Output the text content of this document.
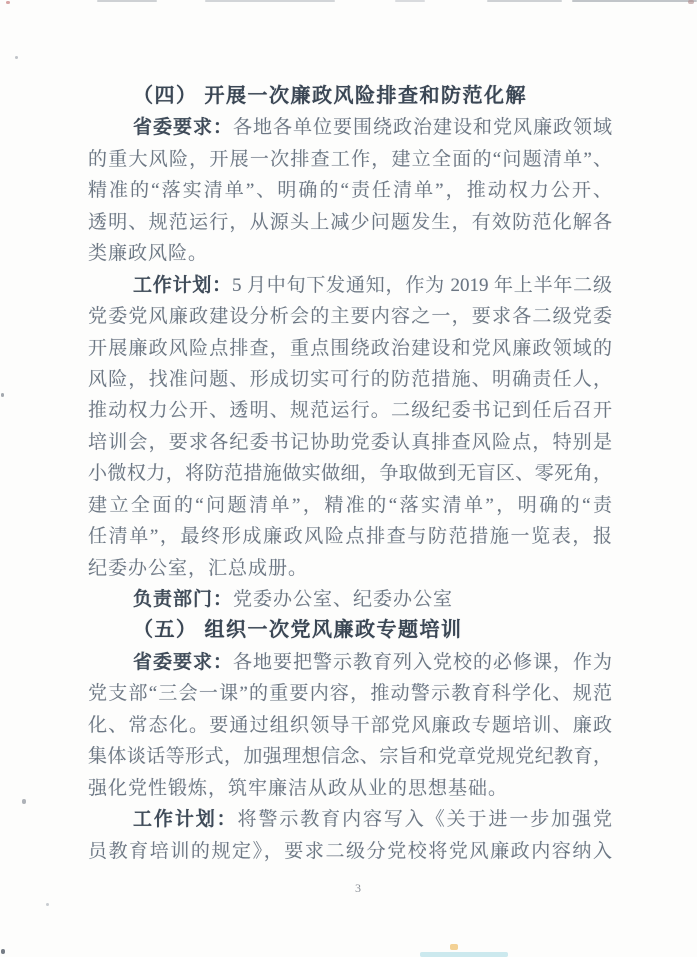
（四） 开展一次廉政风险排查和防范化解
省委要求：各地各单位要围绕政治建设和党风廉政领域
的重大风险，开展一次排查工作，建立全面的“问题清单”、
精准的“落实清单”、明确的“责任清单”，推动权力公开、
透明、规范运行，从源头上减少问题发生，有效防范化解各
类廉政风险。
工作计划：5 月中旬下发通知，作为 2019 年上半年二级
党委党风廉政建设分析会的主要内容之一，要求各二级党委
开展廉政风险点排查，重点围绕政治建设和党风廉政领域的
风险，找准问题、形成切实可行的防范措施、明确责任人，
推动权力公开、透明、规范运行。二级纪委书记到任后召开
培训会，要求各纪委书记协助党委认真排查风险点，特别是
小微权力，将防范措施做实做细，争取做到无盲区、零死角，
建立全面的“问题清单”，精准的“落实清单”，明确的“责
任清单”，最终形成廉政风险点排查与防范措施一览表，报
纪委办公室，汇总成册。
负责部门：党委办公室、纪委办公室
（五） 组织一次党风廉政专题培训
省委要求：各地要把警示教育列入党校的必修课，作为
党支部“三会一课”的重要内容，推动警示教育科学化、规范
化、常态化。要通过组织领导干部党风廉政专题培训、廉政
集体谈话等形式，加强理想信念、宗旨和党章党规党纪教育，
强化党性锻炼，筑牢廉洁从政从业的思想基础。
工作计划：将警示教育内容写入《关于进一步加强党
员教育培训的规定》，要求二级分党校将党风廉政内容纳入
3
